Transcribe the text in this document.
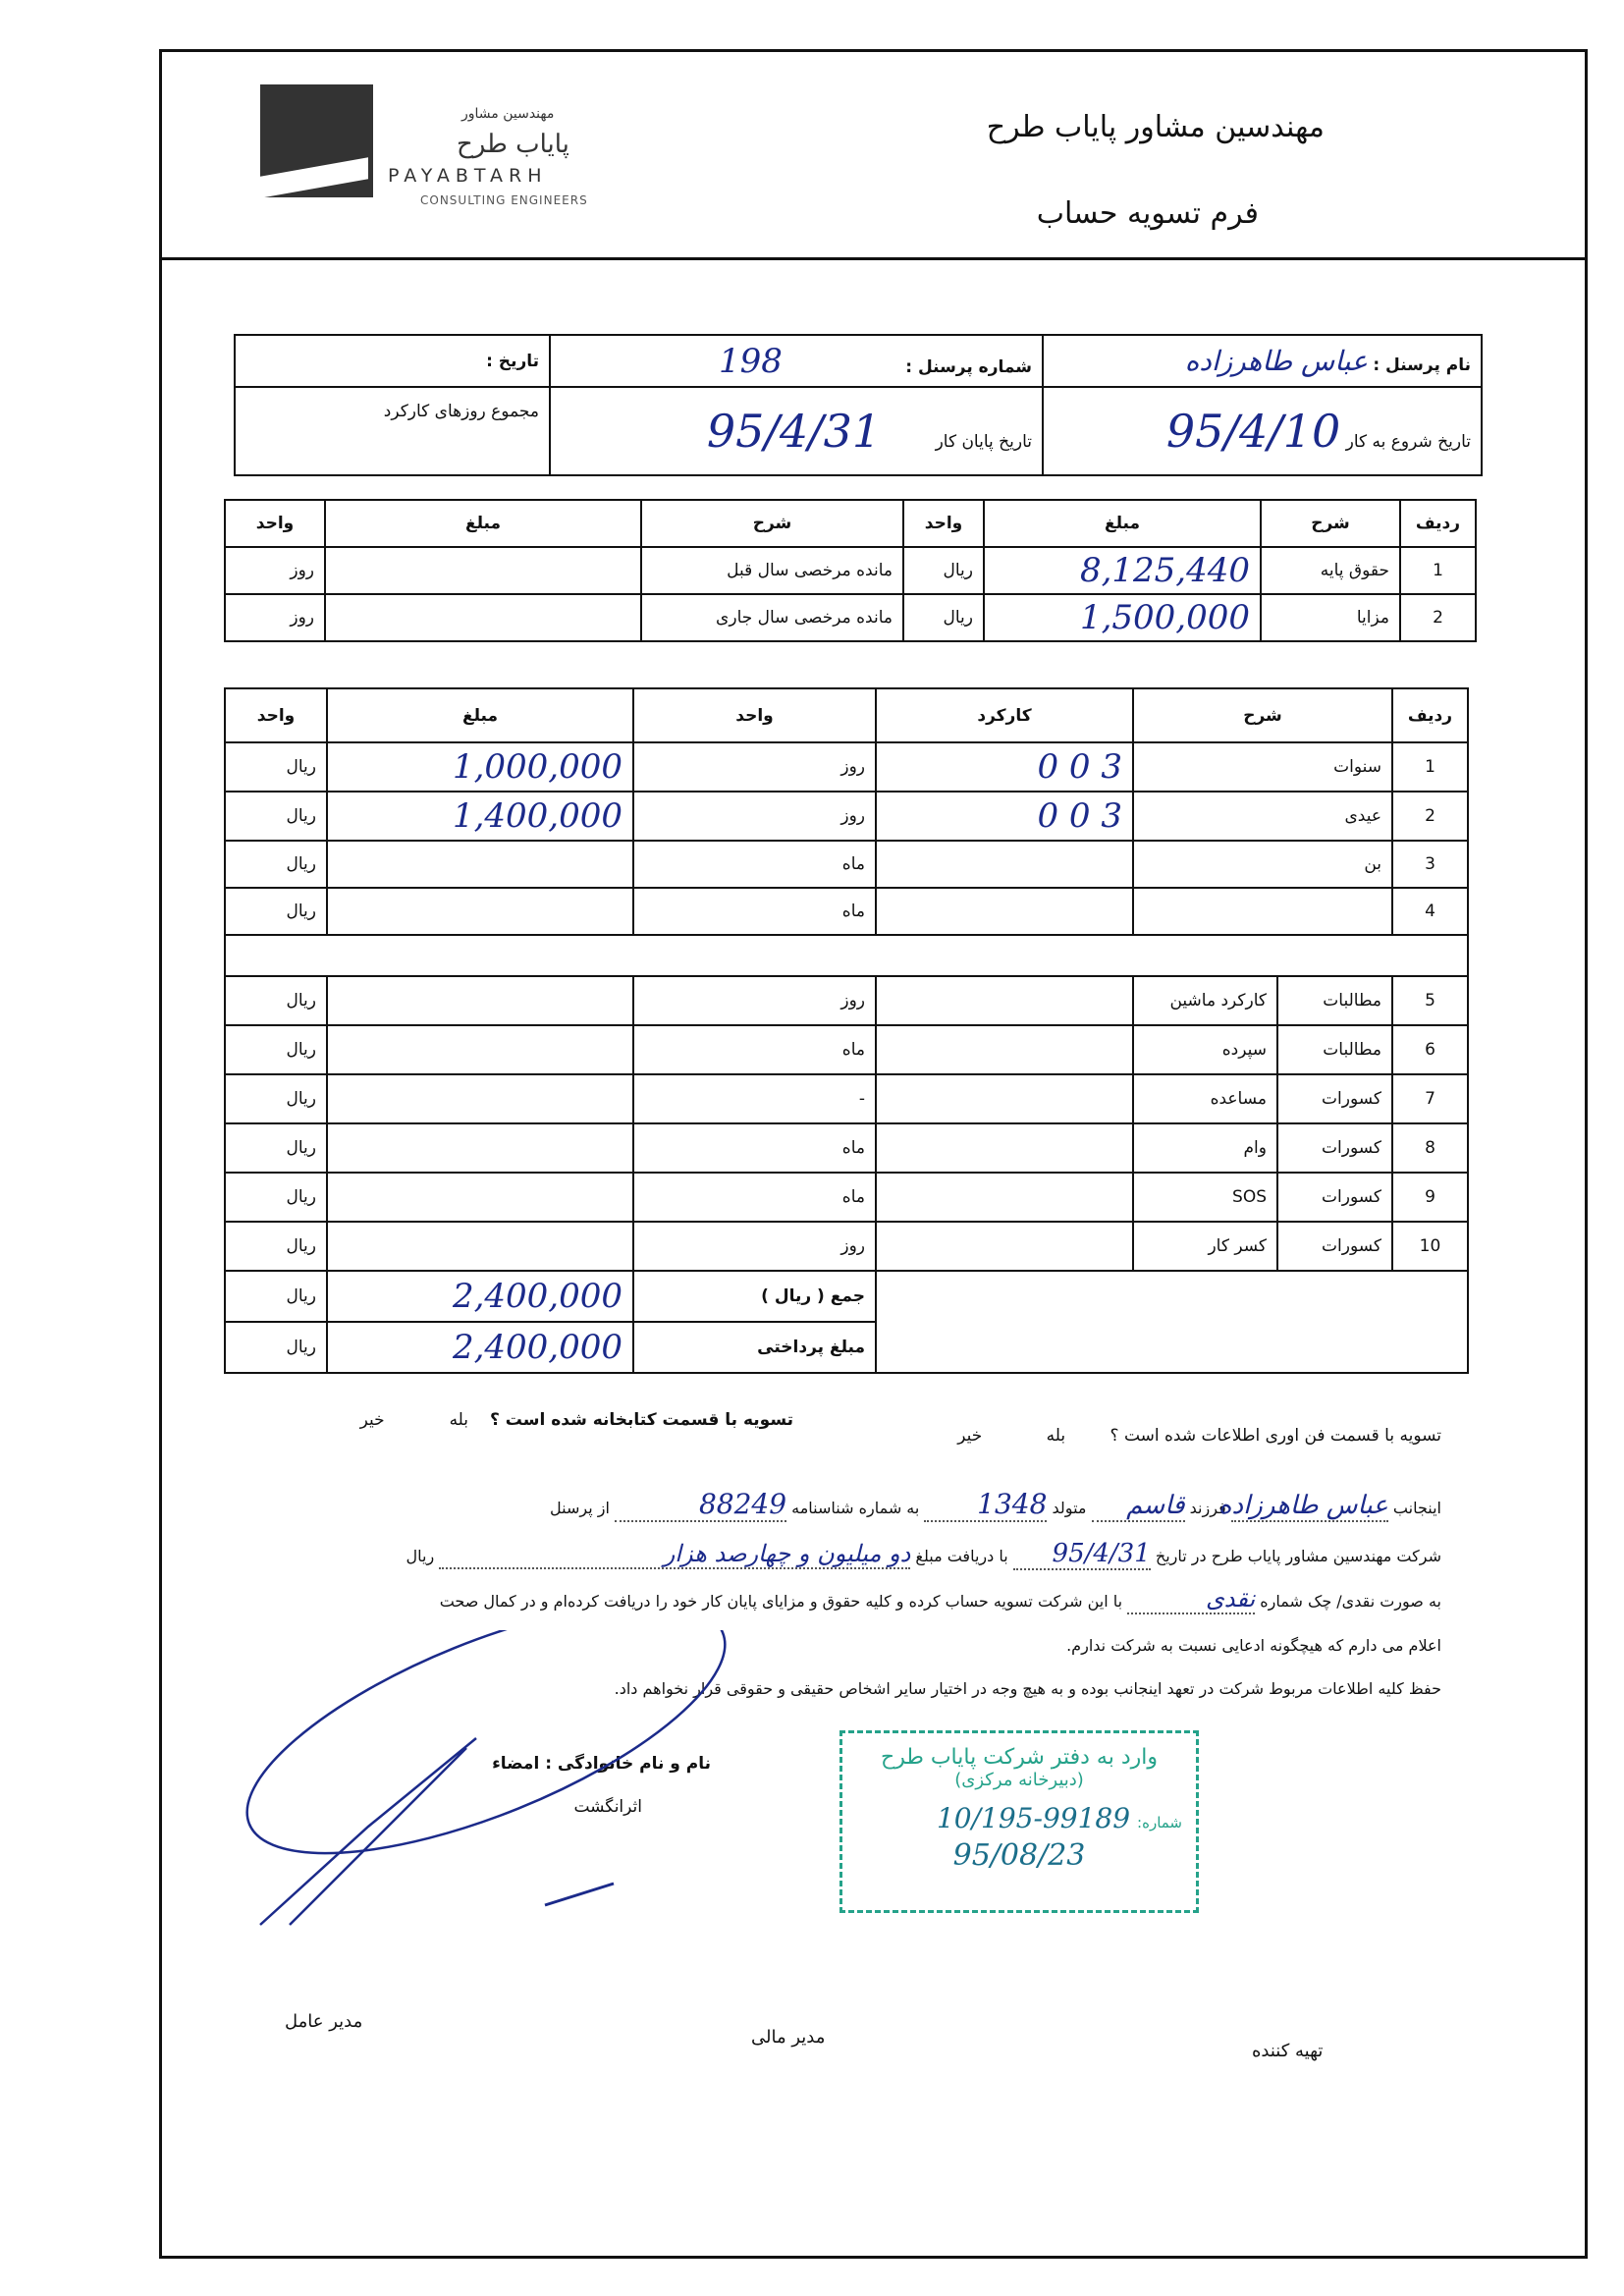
مهندسین مشاور
پایاب طرح
PAYABTARH
CONSULTING ENGINEERS
مهندسین مشاور پایاب طرح
فرم تسویه حساب
نام پرسنل : عباس طاهرزاده	شماره پرسنل : 198	تاریخ :
تاریخ شروع به کار 95/4/10	تاریخ پایان کار 95/4/31	مجموع روزهای کارکرد
ردیف	شرح	مبلغ	واحد	شرح	مبلغ	واحد
1	حقوق پایه	8,125,440	ریال	مانده مرخصی سال قبل		روز
2	مزایا	1,500,000	ریال	مانده مرخصی سال جاری		روز
ردیف	شرح		کارکرد	واحد	مبلغ	واحد
1	سنوات		3 0 0	روز	1,000,000	ریال
2	عیدی		3 0 0	روز	1,400,000	ریال
3	بن			ماه		ریال
4				ماه		ریال

5	مطالبات	کارکرد ماشین		روز		ریال
6	مطالبات	سپرده		ماه		ریال
7	کسورات	مساعده		-		ریال
8	کسورات	وام		ماه		ریال
9	کسورات	SOS		ماه		ریال
10	کسورات	کسر کار		روز		ریال
				جمع ( ریال )	2,400,000	ریال
				مبلغ پرداختی	2,400,000	ریال
تسویه با قسمت فن اوری اطلاعات شده است ؟ بله خیر
تسویه با قسمت کتابخانه شده است ؟ بله خیر
اینجانب عباس طاهرزاده فرزند قاسم متولد 1348 به شماره شناسنامه 88249 از پرسنل
شرکت مهندسین مشاور پایاب طرح در تاریخ 95/4/31 با دریافت مبلغ دو میلیون و چهارصد هزار ریال
به صورت نقدی/ چک شماره نقدی با این شرکت تسویه حساب کرده و کلیه حقوق و مزایای پایان کار خود را دریافت کرده‌ام و در کمال صحت
اعلام می دارم که هیچگونه ادعایی نسبت به شرکت ندارم.
حفظ کلیه اطلاعات مربوط شرکت در تعهد اینجانب بوده و به هیچ وجه در اختیار سایر اشخاص حقیقی و حقوقی قرار نخواهم داد.
نام و نام خانوادگی : امضاء
اثرانگشت
وارد به دفتر شرکت پایاب طرح
(دبیرخانه مرکزی)
شماره: 10/195-99189
95/08/23
مدیر عامل
مدیر مالی
تهیه کننده
